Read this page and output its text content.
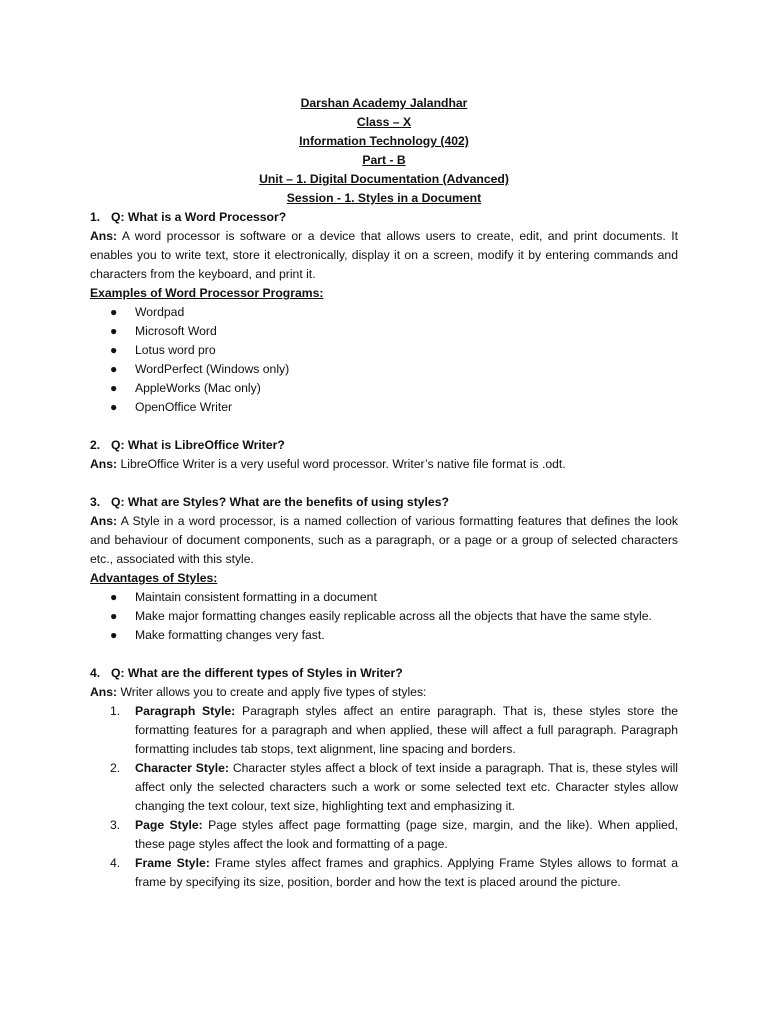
Darshan Academy Jalandhar
Class – X
Information Technology (402)
Part - B
Unit – 1. Digital Documentation (Advanced)
Session - 1. Styles in a Document
1. Q: What is a Word Processor?

Ans: A word processor is software or a device that allows users to create, edit, and print documents. It enables you to write text, store it electronically, display it on a screen, modify it by entering commands and characters from the keyboard, and print it.

Examples of Word Processor Programs:

●	Wordpad
●	Microsoft Word
●	Lotus word pro
●	WordPerfect (Windows only)
●	AppleWorks (Mac only)
●	OpenOffice Writer
2. Q: What is LibreOffice Writer?

Ans: LibreOffice Writer is a very useful word processor. Writer’s native file format is .odt.

3. Q: What are Styles? What are the benefits of using styles?

Ans: A Style in a word processor, is a named collection of various formatting features that defines the look and behaviour of document components, such as a paragraph, or a page or a group of selected characters etc., associated with this style.

Advantages of Styles:

●	Maintain consistent formatting in a document
●	Make major formatting changes easily replicable across all the objects that have the same style.
●	Make formatting changes very fast.
4. Q: What are the different types of Styles in Writer?

Ans: Writer allows you to create and apply five types of styles:

1.	Paragraph Style: Paragraph styles affect an entire paragraph. That is, these styles store the formatting features for a paragraph and when applied, these will affect a full paragraph. Paragraph formatting includes tab stops, text alignment, line spacing and borders.
2.	Character Style: Character styles affect a block of text inside a paragraph. That is, these styles will affect only the selected characters such a work or some selected text etc. Character styles allow changing the text colour, text size, highlighting text and emphasizing it.
3.	Page Style: Page styles affect page formatting (page size, margin, and the like). When applied, these page styles affect the look and formatting of a page.
4.	Frame Style: Frame styles affect frames and graphics. Applying Frame Styles allows to format a frame by specifying its size, position, border and how the text is placed around the picture.
